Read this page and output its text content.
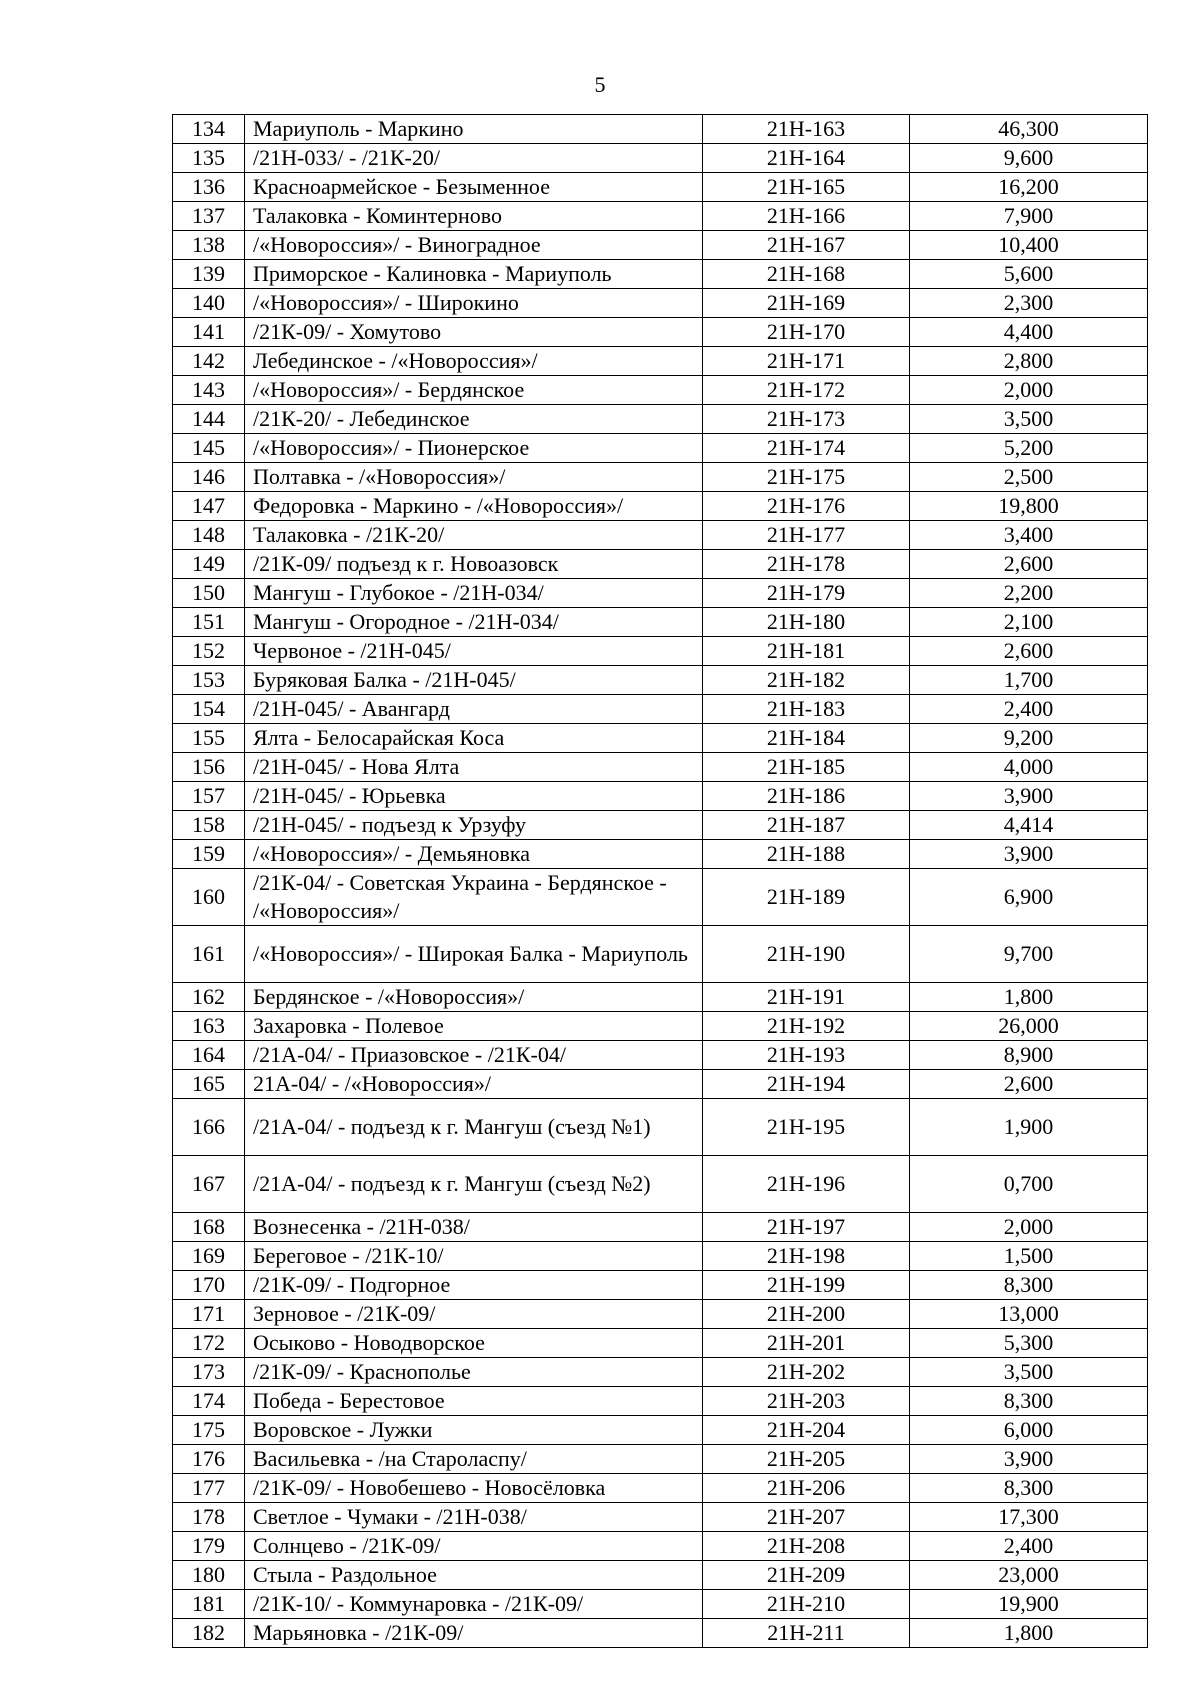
5
134	Мариуполь - Маркино	21Н-163	46,300
135	/21Н-033/ - /21К-20/	21Н-164	9,600
136	Красноармейское - Безыменное	21Н-165	16,200
137	Талаковка - Коминтерново	21Н-166	7,900
138	/«Новороссия»/ - Виноградное	21Н-167	10,400
139	Приморское - Калиновка - Мариуполь	21Н-168	5,600
140	/«Новороссия»/ - Широкино	21Н-169	2,300
141	/21К-09/ - Хомутово	21Н-170	4,400
142	Лебединское - /«Новороссия»/	21Н-171	2,800
143	/«Новороссия»/ - Бердянское	21Н-172	2,000
144	/21К-20/ - Лебединское	21Н-173	3,500
145	/«Новороссия»/ - Пионерское	21Н-174	5,200
146	Полтавка - /«Новороссия»/	21Н-175	2,500
147	Федоровка - Маркино - /«Новороссия»/	21Н-176	19,800
148	Талаковка - /21К-20/	21Н-177	3,400
149	/21К-09/ подъезд к г. Новоазовск	21Н-178	2,600
150	Мангуш - Глубокое - /21Н-034/	21Н-179	2,200
151	Мангуш - Огородное - /21Н-034/	21Н-180	2,100
152	Червоное - /21Н-045/	21Н-181	2,600
153	Буряковая Балка - /21Н-045/	21Н-182	1,700
154	/21Н-045/ - Авангард	21Н-183	2,400
155	Ялта - Белосарайская Коса	21Н-184	9,200
156	/21Н-045/ - Нова Ялта	21Н-185	4,000
157	/21Н-045/ - Юрьевка	21Н-186	3,900
158	/21Н-045/ - подъезд к Урзуфу	21Н-187	4,414
159	/«Новороссия»/ - Демьяновка	21Н-188	3,900
160	/21К-04/ - Советская Украина - Бердянское - /«Новороссия»/	21Н-189	6,900
161	/«Новороссия»/ - Широкая Балка - Мариуполь	21Н-190	9,700
162	Бердянское - /«Новороссия»/	21Н-191	1,800
163	Захаровка - Полевое	21Н-192	26,000
164	/21А-04/ - Приазовское - /21К-04/	21Н-193	8,900
165	21А-04/ - /«Новороссия»/	21Н-194	2,600
166	/21А-04/ - подъезд к г. Мангуш (съезд №1)	21Н-195	1,900
167	/21А-04/ - подъезд к г. Мангуш (съезд №2)	21Н-196	0,700
168	Вознесенка - /21Н-038/	21Н-197	2,000
169	Береговое - /21К-10/	21Н-198	1,500
170	/21К-09/ - Подгорное	21Н-199	8,300
171	Зерновое - /21К-09/	21Н-200	13,000
172	Осыково - Новодворское	21Н-201	5,300
173	/21К-09/ - Краснополье	21Н-202	3,500
174	Победа - Берестовое	21Н-203	8,300
175	Воровское - Лужки	21Н-204	6,000
176	Васильевка - /на Староласпу/	21Н-205	3,900
177	/21К-09/ - Новобешево - Новосёловка	21Н-206	8,300
178	Светлое - Чумаки - /21Н-038/	21Н-207	17,300
179	Солнцево - /21К-09/	21Н-208	2,400
180	Стыла - Раздольное	21Н-209	23,000
181	/21К-10/ - Коммунаровка - /21К-09/	21Н-210	19,900
182	Марьяновка - /21К-09/	21Н-211	1,800
